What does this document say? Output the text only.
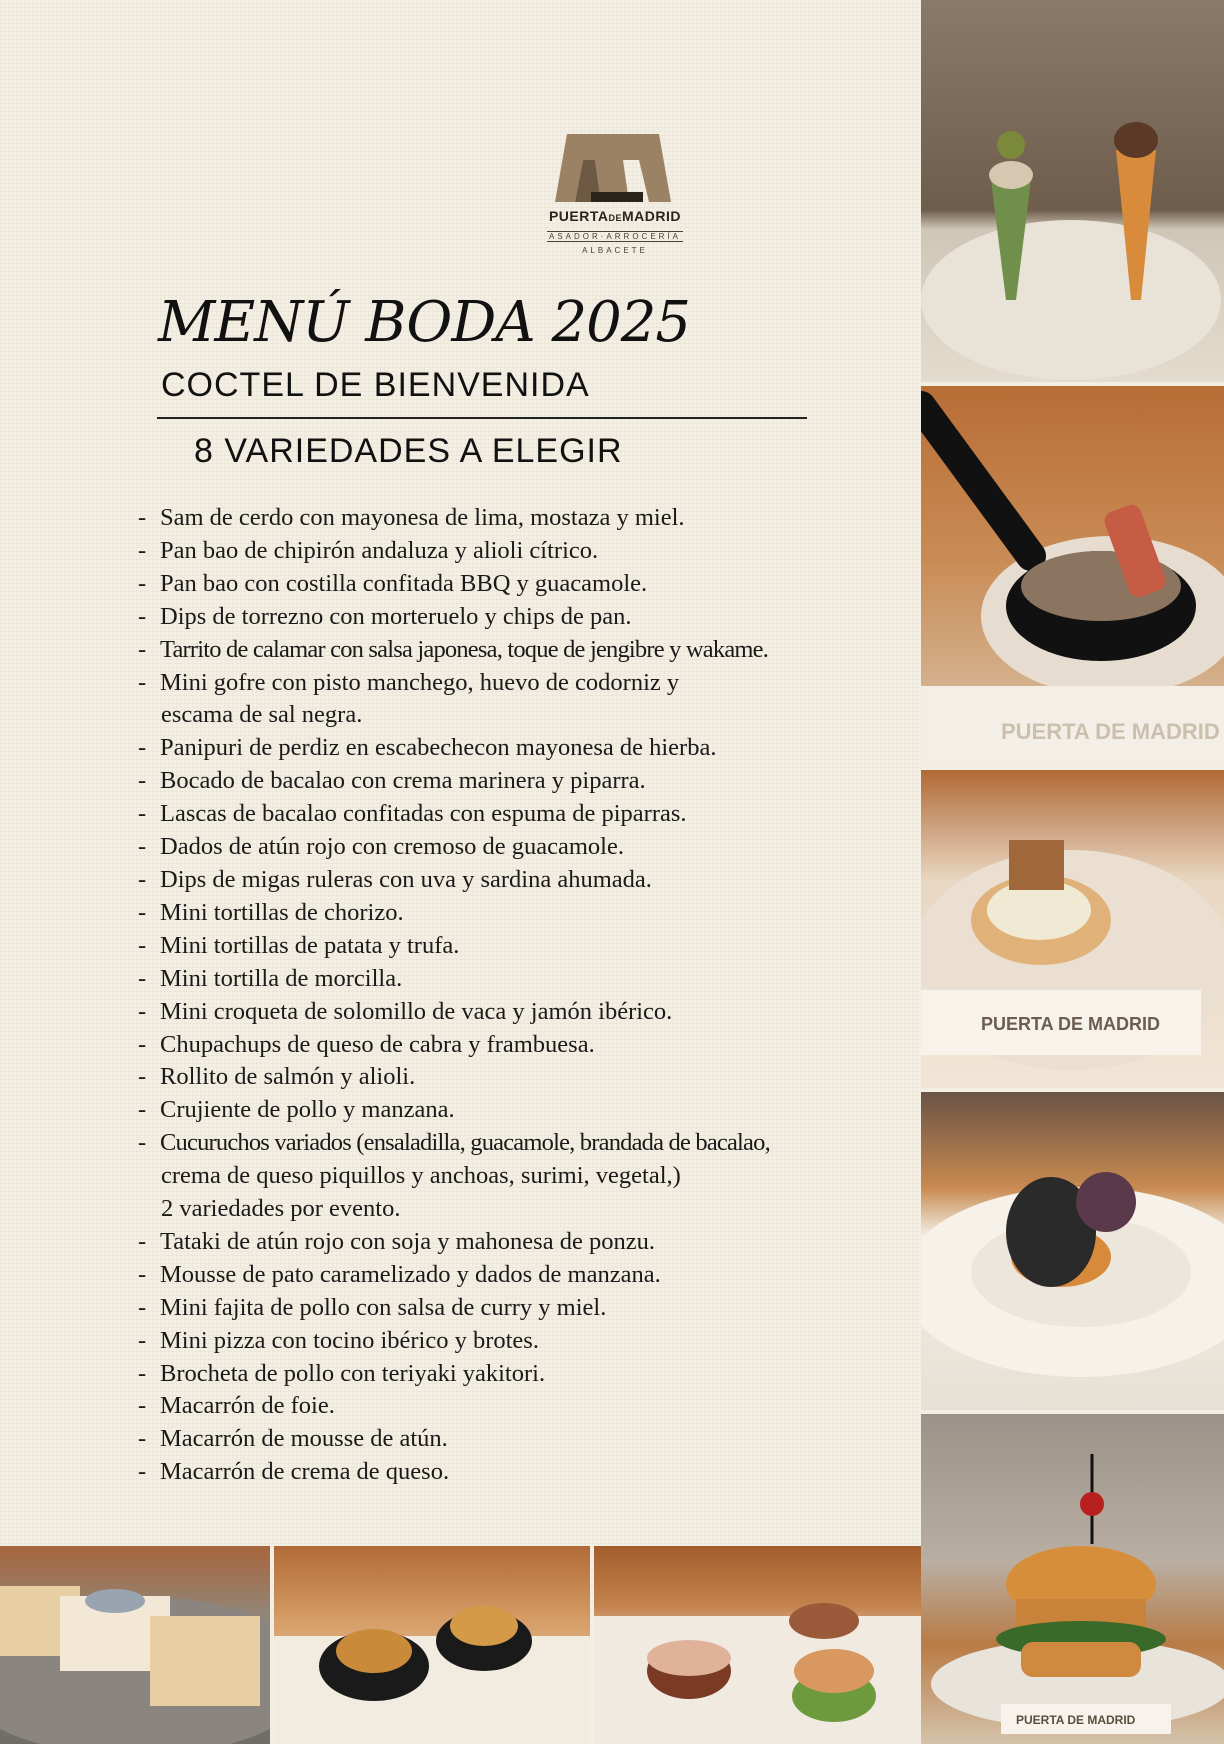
PUERTADEMADRID
ASADOR·ARROCERÍA
ALBACETE
MENÚ BODA 2025
COCTEL DE BIENVENIDA
8 VARIEDADES A ELEGIR
- Sam de cerdo con mayonesa de lima, mostaza y miel.
- Pan bao de chipirón andaluza y alioli cítrico.
- Pan bao con costilla confitada BBQ y guacamole.
- Dips de torrezno con morteruelo y chips de pan.
- Tarrito de calamar con salsa japonesa, toque de jengibre y wakame.
- Mini gofre con pisto manchego, huevo de codorniz y
escama de sal negra.
- Panipuri de perdiz en escabechecon mayonesa de hierba.
- Bocado de bacalao con crema marinera y piparra.
- Lascas de bacalao confitadas con espuma de piparras.
- Dados de atún rojo con cremoso de guacamole.
- Dips de migas ruleras con uva y sardina ahumada.
- Mini tortillas de chorizo.
- Mini tortillas de patata y trufa.
- Mini tortilla de morcilla.
- Mini croqueta de solomillo de vaca y jamón ibérico.
- Chupachups de queso de cabra y frambuesa.
- Rollito de salmón y alioli.
- Crujiente de pollo y manzana.
- Cucuruchos variados (ensaladilla, guacamole, brandada de bacalao,
crema de queso piquillos y anchoas, surimi, vegetal,)
2 variedades por evento.
- Tataki de atún rojo con soja y mahonesa de ponzu.
- Mousse de pato caramelizado y dados de manzana.
- Mini fajita de pollo con salsa de curry y miel.
- Mini pizza con tocino ibérico y brotes.
- Brocheta de pollo con teriyaki yakitori.
- Macarrón de foie.
- Macarrón de mousse de atún.
- Macarrón de crema de queso.
PUERTA DE MADRID
PUERTA DE MADRID
PUERTA DE MADRID
